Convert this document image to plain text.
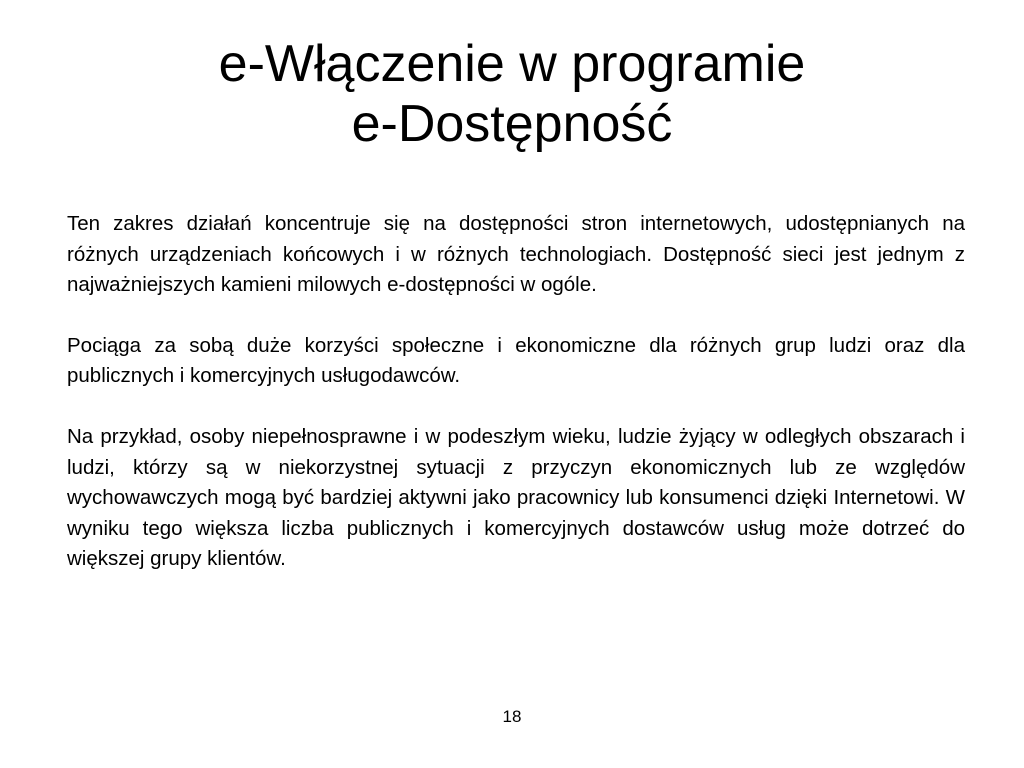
e-Włączenie w programie
e-Dostępność

Ten zakres działań koncentruje się na dostępności stron internetowych, udostępnianych na różnych urządzeniach końcowych i w różnych technologiach. Dostępność sieci jest jednym z najważniejszych kamieni milowych e-dostępności w ogóle.

Pociąga za sobą duże korzyści społeczne i ekonomiczne dla różnych grup ludzi oraz dla publicznych i komercyjnych usługodawców.

Na przykład, osoby niepełnosprawne i w podeszłym wieku, ludzie żyjący w odległych obszarach i ludzi, którzy są w niekorzystnej sytuacji z przyczyn ekonomicznych lub ze względów wychowawczych mogą być bardziej aktywni jako pracownicy lub konsumenci dzięki Internetowi. W wyniku tego większa liczba publicznych i komercyjnych dostawców usług może dotrzeć do większej grupy klientów.

18
